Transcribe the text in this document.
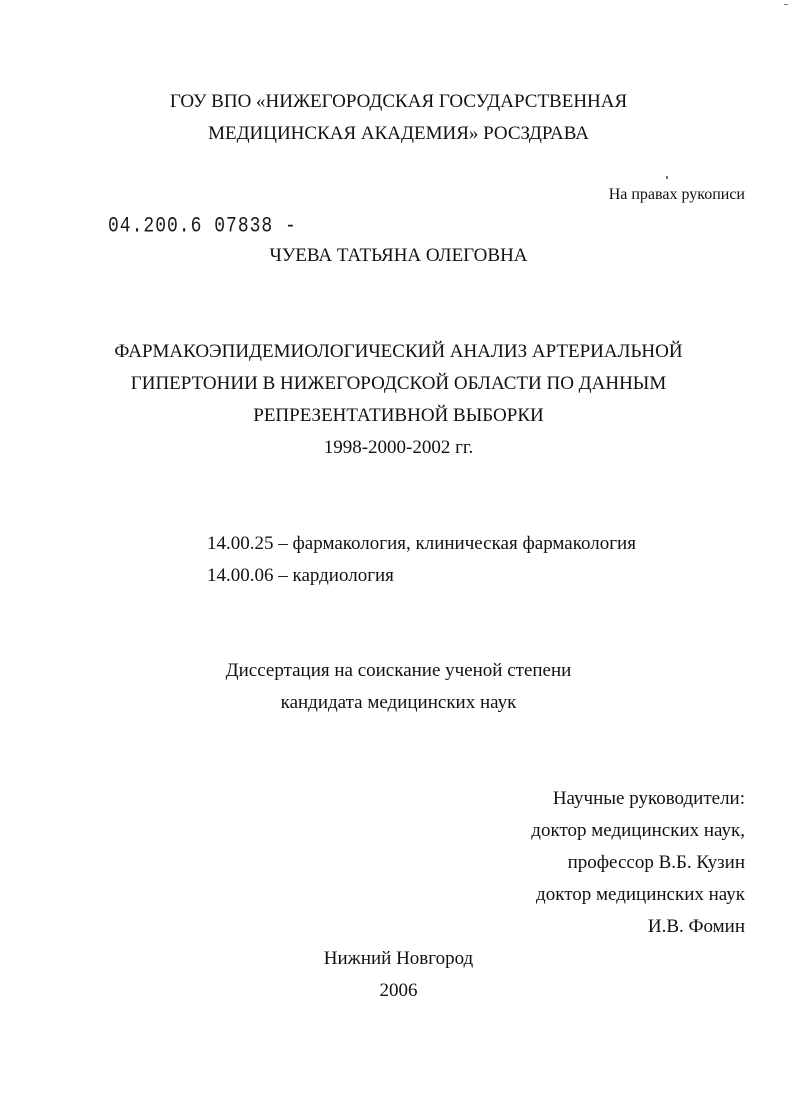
ГОУ ВПО «НИЖЕГОРОДСКАЯ ГОСУДАРСТВЕННАЯ
МЕДИЦИНСКАЯ АКАДЕМИЯ» РОСЗДРАВА
На правах рукописи
04.200.6 07838 -
ЧУЕВА ТАТЬЯНА ОЛЕГОВНА
ФАРМАКОЭПИДЕМИОЛОГИЧЕСКИЙ АНАЛИЗ АРТЕРИАЛЬНОЙ
ГИПЕРТОНИИ В НИЖЕГОРОДСКОЙ ОБЛАСТИ ПО ДАННЫМ
РЕПРЕЗЕНТАТИВНОЙ ВЫБОРКИ
1998-2000-2002 гг.
14.00.25 – фармакология, клиническая фармакология
14.00.06 – кардиология
Диссертация на соискание ученой степени
кандидата медицинских наук
Научные руководители:
доктор медицинских наук,
профессор В.Б. Кузин
доктор медицинских наук
И.В. Фомин
Нижний Новгород
2006
